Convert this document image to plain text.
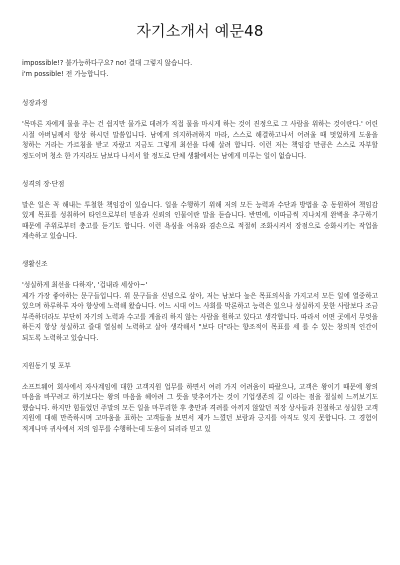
자기소개서 예문48

impossible!? 불가능하다구요? no! 결대 그렇지 않습니다.

i'm possible! 전 가능합니다.

성장과정

'목마른 자에게 물을 주는 건 쉽지만 물가로 데려가 직접 물을 마시게 하는 것이 진정으로 그 사람을 위하는 것이란다.' 어린 시절 아버님께서 항상 하시던 말씀입니다. 남에게 의지하려하지 마라, 스스로 해결하고나서 어려울 때 멋었하게 도움을 청하는 거라는 가르침을 받고 자랐고 지금도 그렇게 최선을 다해 살려 합니다. 이런 저는 책임감 만큼은 스스로 자부할 정도이며 청소 한 가지라도 남보다 나서서 할 정도로 단체 생활에서는 남에게 미루는 일이 없습니다.

성격의 장·단점

말은 일은 꼭 해내는 투철한 책임감이 있습니다. 일을 수행하기 위해 저의 모든 능력과 수단과 방법을 총 동원하여 책임감 있게 목표를 성취하여 타인으로부터 믿음과 신뢰의 인물이란 말을 듣습니다. 반면에, 이따금씩 지나치게 완벽을 추구하기 때문에 주위로부터 충고를 듣기도 합니다. 이런 욕심을 여유와 겸손으로 적절히 조화시켜서 장점으로 승화시키는 작업을 계속하고 있습니다.

생활신조

'성실하게 최선을 다하자', '겁내라 세상아~'
제가 가장 좋아하는 문구들입니다. 위 문구들을 신념으로 삼아, 저는 남보다 높은 목표의식을 가지고서 모든 일에 열중하고 있으며 하루하루 자아 향상에 노력해 왔습니다. 어느 시대 어느 사회를 막론하고 능력은 있으나 성실하지 못한 사람보다 조금 부족하더라도 부단히 자기의 노력과 수고를 게을리 하지 않는 사람을 원하고 있다고 생각합니다. 따라서 어떤 곳에서 무엇을 하든지 항상 성실하고 즐대 열심히 노력하고 살아 생각해서 "보다 더"라는 향조적이 목표를 세 를 수 있는 창의적 인간이 되도록 노력하고 있습니다.

지원동기 및 포부

소프트웨어 회사에서 자사계임에 대한 고객지원 업무를 하면서 여러 가지 어려움이 따랐으나, 고객은 왕이기 때문에 왕의 마음을 바꾸려고 하기보다는 왕의 마음을 헤아려 그 뜻을 맞추어가는 것이 기업생존의 길 이라는 점을 절실히 느끼보기도 했습니다. 하지만 힘들었던 주말의 모든 일을 마무리한 후 충만과 격려를 아끼지 않았던 직장 상사들과 친절하고 성실한 고객 지원에 대해 만족하시며 고마움을 표하는 고객들을 보면서 제가 느꼈던 보람과 긍지를 아직도 잊지 못합니다. 그 경험이 적게나마 귀사에서 저의 임무를 수행하는데 도움이 되리라 믿고 있
